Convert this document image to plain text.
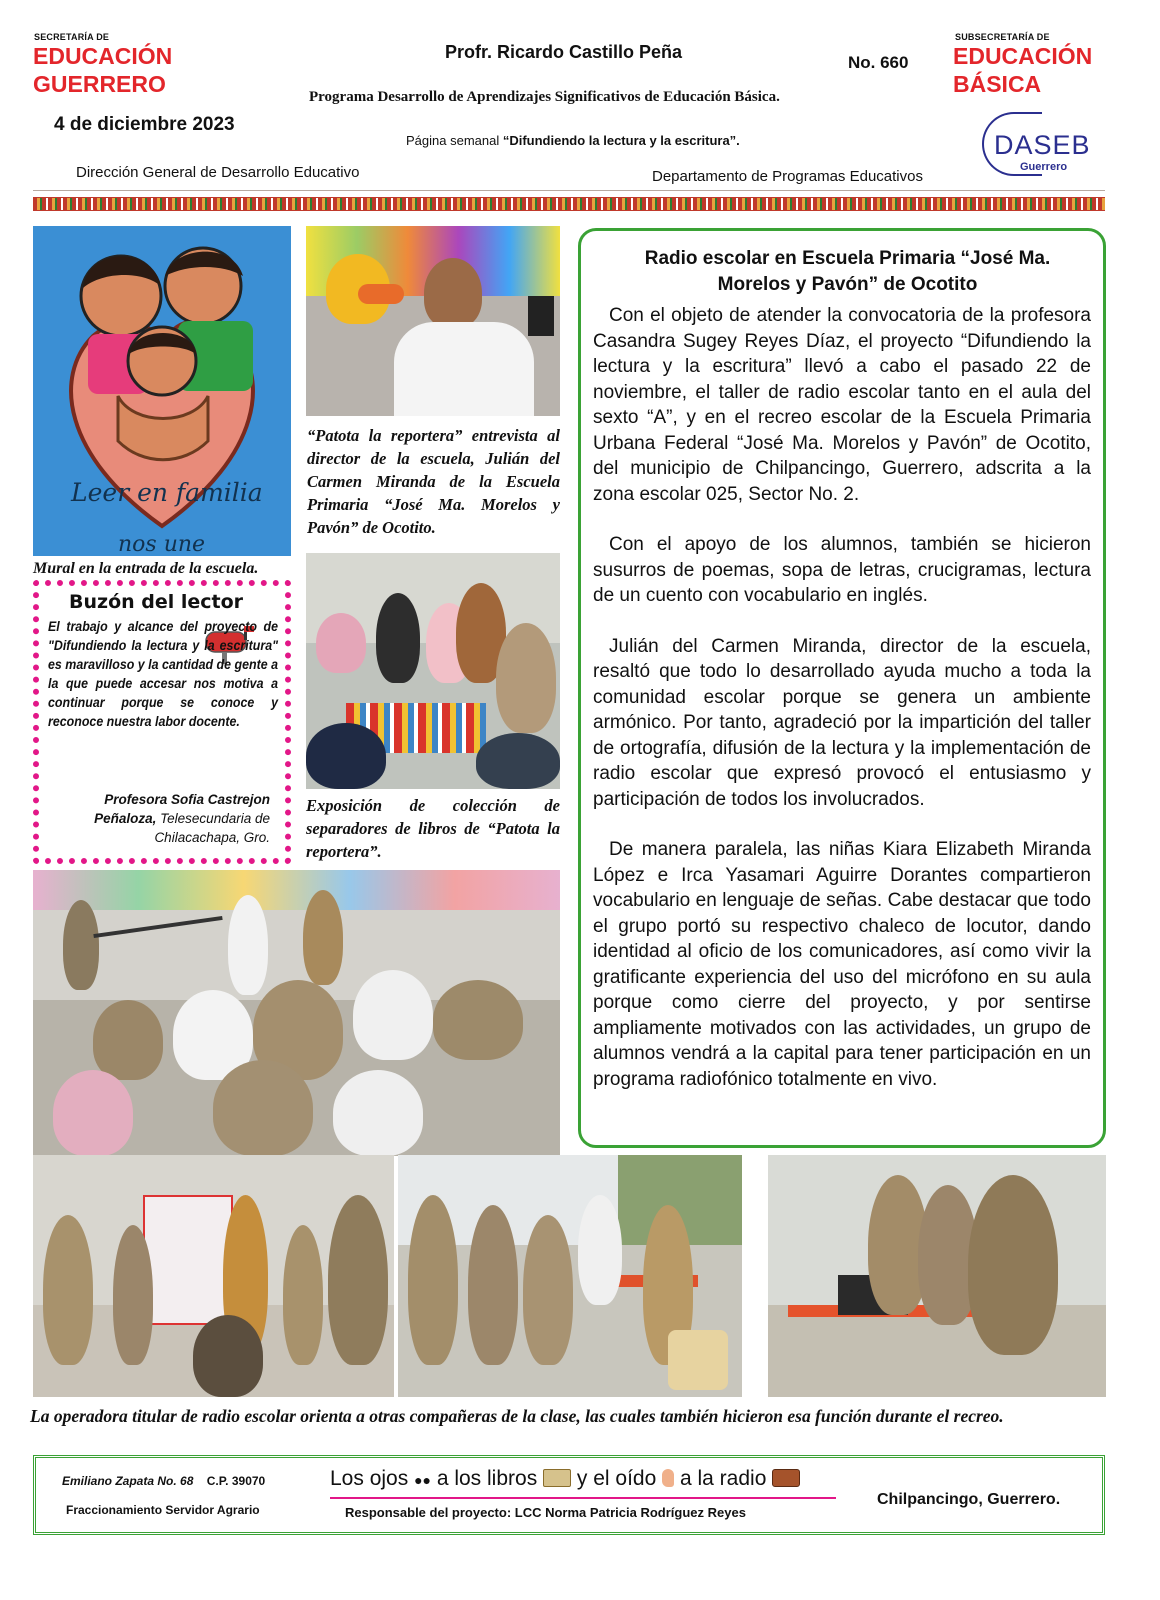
SECRETARÍA DE
EDUCACIÓN
GUERRERO
4 de diciembre 2023
Dirección General de Desarrollo Educativo
Profr. Ricardo Castillo Peña
No. 660
Programa Desarrollo de Aprendizajes Significativos de Educación Básica.
Página semanal “Difundiendo la lectura y la escritura”.
Departamento de Programas Educativos
SUBSECRETARÍA DE
EDUCACIÓN
BÁSICA
DASEB
Guerrero
Leer en familia
nos une
Mural en la entrada de la escuela.
Buzón del lector
El trabajo y alcance del proyecto de "Difundiendo la lectura y la escritura" es maravilloso y la cantidad de gente a la que puede accesar nos motiva a continuar porque se conoce y reconoce nuestra labor docente.
Profesora Sofia Castrejon Peñaloza, Telesecundaria de Chilacachapa, Gro.
“Patota la reportera” entrevista al director de la escuela, Julián del Carmen Miranda de la Escuela Primaria “José Ma. Morelos y Pavón” de Ocotito.
Exposición de colección de separadores de libros de “Patota la reportera”.
Radio escolar en Escuela Primaria “José Ma. Morelos y Pavón” de Ocotito

Con el objeto de atender la convocatoria de la profesora Casandra Sugey Reyes Díaz, el proyecto “Difundiendo la lectura y la escritura” llevó a cabo el pasado 22 de noviembre, el taller de radio escolar tanto en el aula del sexto “A”, y en el recreo escolar de la Escuela Primaria Urbana Federal “José Ma. Morelos y Pavón” de Ocotito, del municipio de Chilpancingo, Guerrero, adscrita a la zona escolar 025, Sector No. 2.

Con el apoyo de los alumnos, también se hicieron susurros de poemas, sopa de letras, crucigramas, lectura de un cuento con vocabulario en inglés.

Julián del Carmen Miranda, director de la escuela, resaltó que todo lo desarrollado ayuda mucho a toda la comunidad escolar porque se genera un ambiente armónico. Por tanto, agradeció por la impartición del taller de ortografía, difusión de la lectura y la implementación de radio escolar que expresó provocó el entusiasmo y participación de todos los involucrados.

De manera paralela, las niñas Kiara Elizabeth Miranda López e Irca Yasamari Aguirre Dorantes compartieron vocabulario en lenguaje de señas. Cabe destacar que todo el grupo portó su respectivo chaleco de locutor, dando identidad al oficio de los comunicadores, así como vivir la gratificante experiencia del uso del micrófono en su aula porque como cierre del proyecto, y por sentirse ampliamente motivados con las actividades, un grupo de alumnos vendrá a la capital para tener participación en un programa radiofónico totalmente en vivo.

La operadora titular de radio escolar orienta a otras compañeras de la clase, las cuales también hicieron esa función durante el recreo.
Emiliano Zapata No. 68 C.P. 39070
Fraccionamiento Servidor Agrario
Los ojos ●● a los libros y el oído a la radio
Responsable del proyecto: LCC Norma Patricia Rodríguez Reyes
Chilpancingo, Guerrero.
